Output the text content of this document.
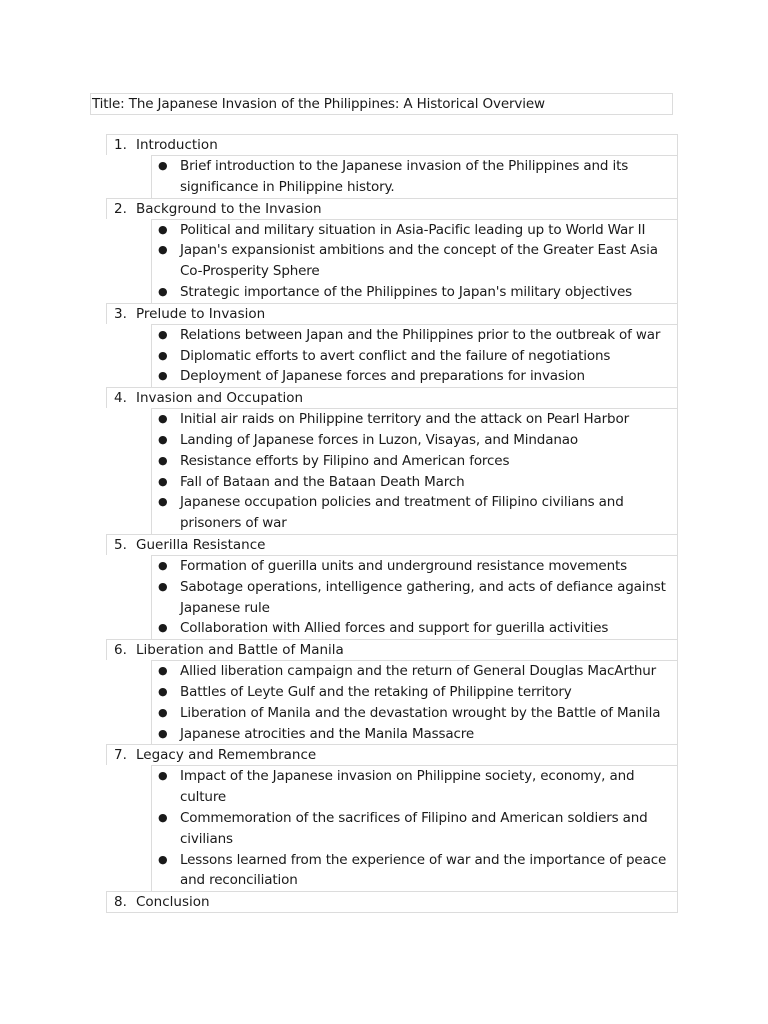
Title: The Japanese Invasion of the Philippines: A Historical Overview
1. Introduction
● Brief introduction to the Japanese invasion of the Philippines and its significance in Philippine history.
2. Background to the Invasion
● Political and military situation in Asia-Pacific leading up to World War II
● Japan's expansionist ambitions and the concept of the Greater East Asia Co-Prosperity Sphere
● Strategic importance of the Philippines to Japan's military objectives
3. Prelude to Invasion
● Relations between Japan and the Philippines prior to the outbreak of war
● Diplomatic efforts to avert conflict and the failure of negotiations
● Deployment of Japanese forces and preparations for invasion
4. Invasion and Occupation
● Initial air raids on Philippine territory and the attack on Pearl Harbor
● Landing of Japanese forces in Luzon, Visayas, and Mindanao
● Resistance efforts by Filipino and American forces
● Fall of Bataan and the Bataan Death March
● Japanese occupation policies and treatment of Filipino civilians and prisoners of war
5. Guerilla Resistance
● Formation of guerilla units and underground resistance movements
● Sabotage operations, intelligence gathering, and acts of defiance against Japanese rule
● Collaboration with Allied forces and support for guerilla activities
6. Liberation and Battle of Manila
● Allied liberation campaign and the return of General Douglas MacArthur
● Battles of Leyte Gulf and the retaking of Philippine territory
● Liberation of Manila and the devastation wrought by the Battle of Manila
● Japanese atrocities and the Manila Massacre
7. Legacy and Remembrance
● Impact of the Japanese invasion on Philippine society, economy, and culture
● Commemoration of the sacrifices of Filipino and American soldiers and civilians
● Lessons learned from the experience of war and the importance of peace and reconciliation
8. Conclusion
